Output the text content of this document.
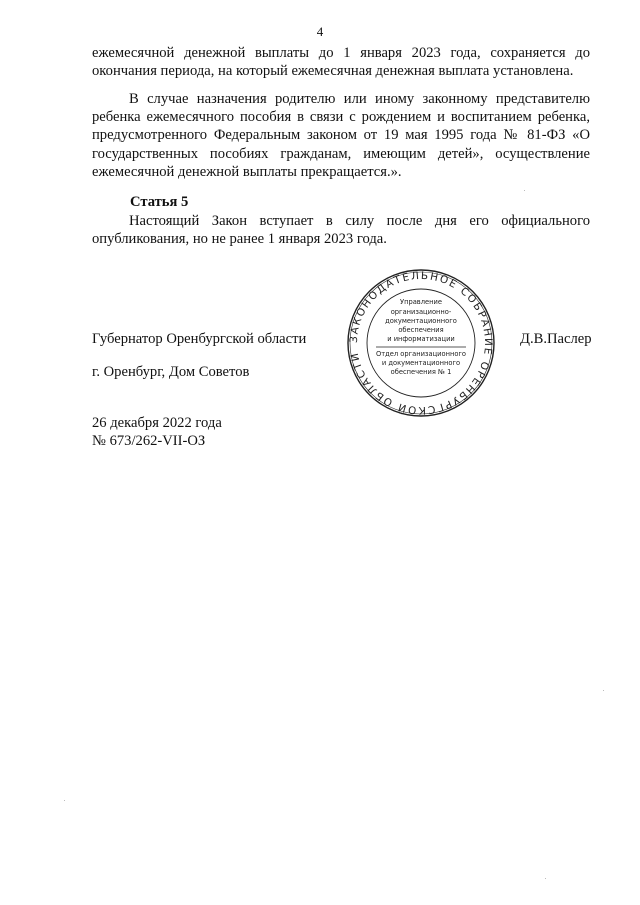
4

ежемесячной денежной выплаты до 1 января 2023 года, сохраняется до окончания периода, на который ежемесячная денежная выплата установлена.

В случае назначения родителю или иному законному представителю ребенка ежемесячного пособия в связи с рождением и воспитанием ребенка, предусмотренного Федеральным законом от 19 мая 1995 года № 81-ФЗ «О государственных пособиях гражданам, имеющим детей», осуществление ежемесячной денежной выплаты прекращается.».

Статья 5

Настоящий Закон вступает в силу после дня его официального опубликования, но не ранее 1 января 2023 года.

ЗАКОНОДАТЕЛЬНОЕ СОБРАНИЕ ОРЕНБУРГСКОЙ ОБЛАСТИ
Управление
организационно-
документационного
обеспечения
и информатизации
Отдел организационного
и документационного
обеспечения № 1
Губернатор Оренбургской области	Д.В.Паслер
г. Оренбург, Дом Советов
26 декабря 2022 года
№ 673/262-VII-ОЗ
